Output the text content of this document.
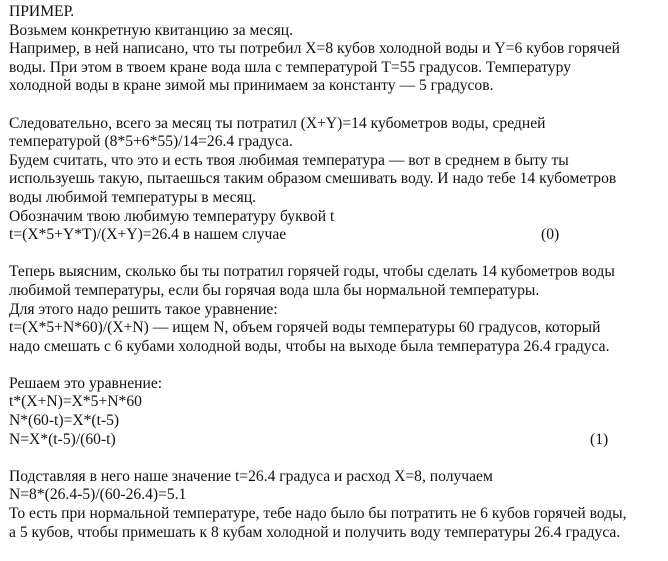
ПРИМЕР.
Возьмем конкретную квитанцию за месяц.
Например, в ней написано, что ты потребил X=8 кубов холодной воды и Y=6 кубов горячей
воды. При этом в твоем кране вода шла с температурой T=55 градусов. Температуру
холодной воды в кране зимой мы принимаем за константу — 5 градусов.
Следовательно, всего за месяц ты потратил (X+Y)=14 кубометров воды, средней
температурой (8*5+6*55)/14=26.4 градуса.
Будем считать, что это и есть твоя любимая температура — вот в среднем в быту ты
используешь такую, пытаешься таким образом смешивать воду. И надо тебе 14 кубометров
воды любимой температуры в месяц.
Обозначим твою любимую температуру буквой t
t=(X*5+Y*T)/(X+Y)=26.4 в нашем случае	(0)
Теперь выясним, сколько бы ты потратил горячей годы, чтобы сделать 14 кубометров воды
любимой температуры, если бы горячая вода шла бы нормальной температуры.
Для этого надо решить такое уравнение:
t=(X*5+N*60)/(X+N) — ищем N, объем горячей воды температуры 60 градусов, который
надо смешать с 6 кубами холодной воды, чтобы на выходе была температура 26.4 градуса.
Решаем это уравнение:
t*(X+N)=X*5+N*60
N*(60-t)=X*(t-5)
N=X*(t-5)/(60-t)	(1)
Подставляя в него наше значение t=26.4 градуса и расход X=8, получаем
N=8*(26.4-5)/(60-26.4)=5.1
То есть при нормальной температуре, тебе надо было бы потратить не 6 кубов горячей воды,
а 5 кубов, чтобы примешать к 8 кубам холодной и получить воду температуры 26.4 градуса.
